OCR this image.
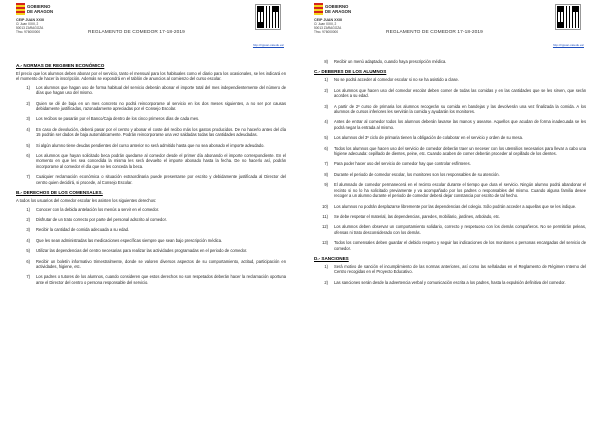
GOBIERNO
DE ARAGON
CEIP JUAN XXIII
C/ Juan XXIII, 2
50013 ZARAGOZA
Tfno. 976000000	REGLAMENTO DE COMEDOR 17-18-2019
http://cpjuan.catedu.es/
A.- NORMAS DE REGIMEN ECONÓMICO

El precio que los alumnos deben abonar por el servicio, tanto el mensual para los habituales como el diario para los ocasionales, se les indicará en el momento de hacer la inscripción. Además se expondrá en el tablón de anuncios al comienzo del curso escolar.

1) Los alumnos que hagan uso de forma habitual del servicio deberán abonar el importe total del mes independientemente del número de días que hagan uso del mismo.
2) Quien se dé de baja en un mes concreto no podrá reincorporarse al servicio en los dos meses siguientes, a no ser por causas debidamente justificadas, razonadamente apreciadas por el Consejo Escolar.
3) Los recibos se pasarán por el Banco/Caja dentro de los cinco primeros días de cada mes.
4) En caso de devolución, deberá pasar por el centro y abonar el coste del recibo más los gastos producidos. De no hacerlo antes del día 15 podrán ser dados de baja automáticamente. Podrán reincorporarse una vez saldadas todas las cantidades adeudadas.
5) Si algún alumno tiene deudas pendientes del curso anterior no será admitido hasta que no sea abonado el importe adeudado.
6) Los alumnos que hayan solicitado beca podrán quedarse al comedor desde el primer día abonando el importe correspondiente. En el momento en que les sea concedida la misma les será devuelto el importe abonado hasta la fecha. De no hacerlo así, podrán incorporarse al comedor el día que se les conceda la beca.
7) Cualquier reclamación económica o situación extraordinaria puede presentarse por escrito y debidamente justificada al Director del centro quien decidirá, si procede, al Consejo Escolar.
B.- DERECHOS DE LOS COMENSALES.

A todos los usuarios del comedor escolar les asisten los siguientes derechos:

1) Conocer con la debida antelación los menús a servir en el comedor.
2) Disfrutar de un trato correcto por parte del personal adscrito al comedor.
3) Recibir la cantidad de comida adecuada a su edad.
4) Que les sean administradas las medicaciones específicas siempre que sean bajo prescripción médica.
5) Utilizar las dependencias del centro necesarias para realizar las actividades programadas en el periodo de comedor.
6) Recibir un boletín informativo trimestralmente, donde se valoren diversos aspectos de su comportamiento, actitud, participación en actividades, higiene, etc.
7) Los padres o tutores de los alumnos, cuando consideren que estos derechos no son respetados deberán hacer la reclamación oportuna ante el Director del centro o persona responsable del servicio.
GOBIERNO
DE ARAGON
CEIP JUAN XXIII
C/ Juan XXIII, 2
50013 ZARAGOZA
Tfno. 976000000	REGLAMENTO DE COMEDOR 17-18-2019
http://cpjuan.catedu.es/
8) Recibir un menú adaptado, cuando haya prescripción médica.
C.- DEBERES DE LOS ALUMNOS
1) No se podrá acceder al comedor escolar si no se ha asistido a clase.
2) Los alumnos que hacen uso del comedor escolar deben comer de todas las comidas y en las cantidades que se les sirven, que serán acordes a su edad.
3) A partir de 2º curso de primaria los alumnos recogerán su comida en bandejas y las devolverán una vez finalizada la comida. A los alumnos de cursos inferiores les servirán la comida y ayudarán los monitores.
4) Antes de entrar al comedor todos los alumnos deberán lavarse las manos y asearse. Aquellos que acudan de forma inadecuada se les podrá negar la entrada al mismo.
5) Los alumnos del 3º ciclo de primaria tienen la obligación de colaborar en el servicio y orden de su mesa.
6) Todos los alumnos que hacen uso del servicio de comedor deberán traer un neceser con los utensilios necesarios para llevar a cabo una higiene adecuada: cepillado de dientes, peine, etc. Cuando acaben de comer deberán proceder al cepillado de los dientes.
7) Para poder hacer uso del servicio de comedor hay que controlar esfínteres.
8) Durante el periodo de comedor escolar, los monitores son los responsables de su atención.
9) El alumnado de comedor permanecerá en el recinto escolar durante el tiempo que dura el servicio. Ningún alumno podrá abandonar el recinto si no lo ha solicitado previamente y va acompañado por los padres o responsables del mismo. Cuando alguna familia desee recoger a un alumno durante el periodo de comedor deberá dejar constancia por escrito de tal hecho.
10) Los alumnos no podrán desplazarse libremente por las dependencias del colegio. Sólo podrán acceder a aquellas que se les indique.
11) Se debe respetar el material, las dependencias, paredes, mobiliario, jardines, arbolado, etc.
12) Los alumnos deben observar un comportamiento solidario, correcto y respetuoso con los demás compañeros. No se permitirán peleas, ofensas ni trato desconsiderado con los demás.
13) Todos los comensales deben guardar el debido respeto y seguir las indicaciones de los monitores o personas encargadas del servicio de comedor.
D.- SANCIONES
1) Será motivo de sanción el incumplimiento de las normas anteriores, así como las señaladas en el Reglamento de Régimen Interno del Centro recogidas en el Proyecto Educativo.
2) Las sanciones serán desde la advertencia verbal y comunicación escrita a los padres, hasta la expulsión definitiva del comedor.
